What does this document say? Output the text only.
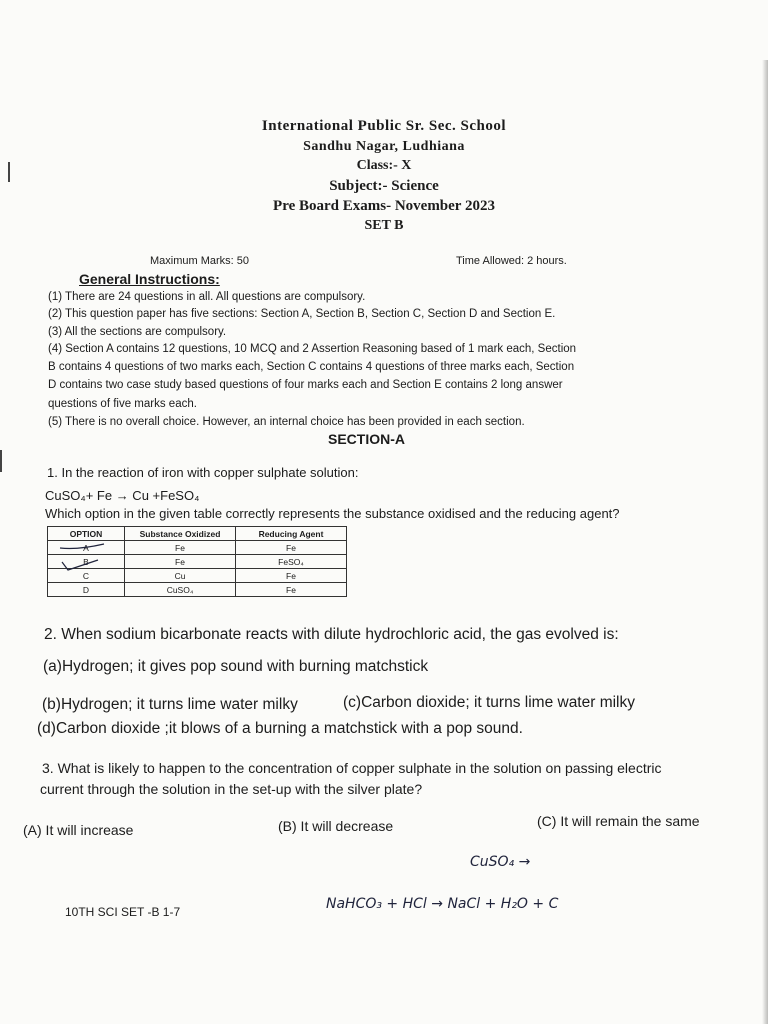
International Public Sr. Sec. School
Sandhu Nagar, Ludhiana
Class:- X
Subject:- Science
Pre Board Exams- November 2023
SET B
Maximum Marks: 50	Time Allowed: 2 hours.
General Instructions:
(1) There are 24 questions in all. All questions are compulsory.
(2) This question paper has five sections: Section A, Section B, Section C, Section D and Section E.
(3) All the sections are compulsory.
(4) Section A contains 12 questions, 10 MCQ and 2 Assertion Reasoning based of 1 mark each, Section
B contains 4 questions of two marks each, Section C contains 4 questions of three marks each, Section
D contains two case study based questions of four marks each and Section E contains 2 long answer
questions of five marks each.
(5) There is no overall choice. However, an internal choice has been provided in each section.
SECTION-A
1. In the reaction of iron with copper sulphate solution:
CuSO₄+ Fe → Cu +FeSO₄
Which option in the given table correctly represents the substance oxidised and the reducing agent?
OPTION	Substance Oxidized	Reducing Agent
A	Fe	Fe
B	Fe	FeSO₄
C	Cu	Fe
D	CuSO₄	Fe
2. When sodium bicarbonate reacts with dilute hydrochloric acid, the gas evolved is:
(a)Hydrogen; it gives pop sound with burning matchstick
(b)Hydrogen; it turns lime water milky	(c)Carbon dioxide; it turns lime water milky
(d)Carbon dioxide ;it blows of a burning a matchstick with a pop sound.
3. What is likely to happen to the concentration of copper sulphate in the solution on passing electric
current through the solution in the set-up with the silver plate?
(A) It will increase	(B) It will decrease	(C) It will remain the same
CuSO₄ →
NaHCO₃ + HCl → NaCl + H₂O + C
10TH SCI SET -B 1-7
